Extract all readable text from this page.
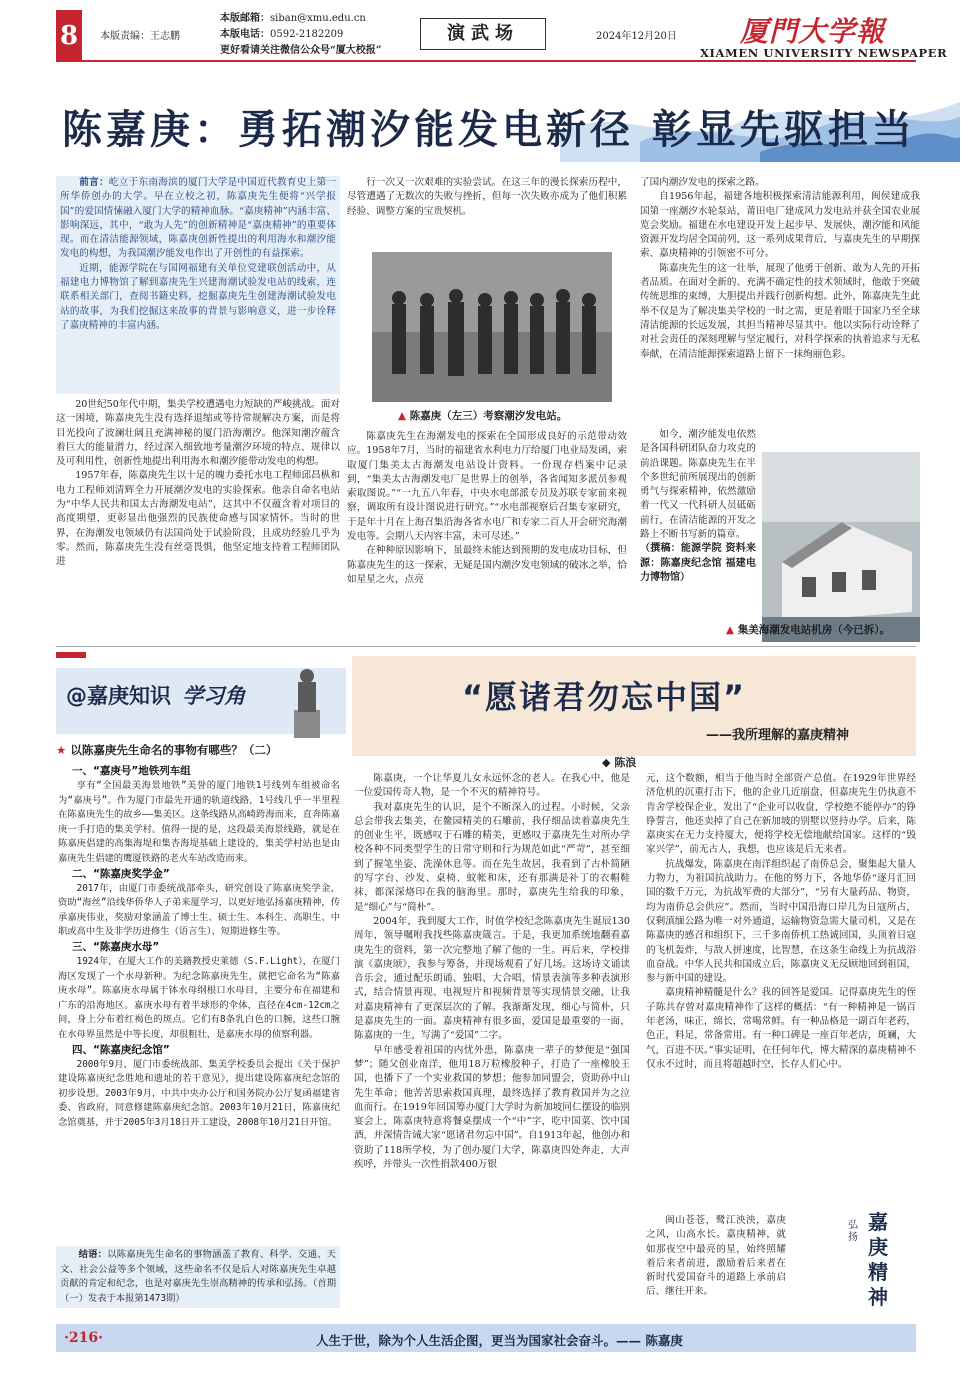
8	本版责编：王志鹏
本版邮箱：siban@xmu.edu.cn
本版电话：0592-2182209
更好看请关注微信公众号“厦大校报”
演武场	2024年12月20日 厦門大学報
XIAMEN UNIVERSITY NEWSPAPER
陈嘉庚：勇拓潮汐能发电新径 彰显先驱担当

前言：屹立于东南海滨的厦门大学是中国近代教育史上第一所华侨创办的大学。早在立校之初，陈嘉庚先生便将“兴学报国”的爱国情愫融入厦门大学的精神血脉。“嘉庚精神”内涵丰富、影响深远，其中，“敢为人先”的创新精神是“嘉庚精神”的重要体现。而在清洁能源领域，陈嘉庚创新性提出的利用海水和潮汐能发电的构想，为我国潮汐能发电作出了开创性的有益探索。

近期，能源学院在与国网福建有关单位党建联创活动中，从福建电力博物馆了解到嘉庚先生兴建海潮试验发电站的线索，连联系相关部门，查阅书籍史料，挖掘嘉庚先生创建海潮试验发电站的故事，为我们挖掘这来故事的背景与影响意义，进一步诠释了嘉庚精神的丰富内涵。

20世纪50年代中期，集美学校遭遇电力短缺的严峻挑战。面对这一困境，陈嘉庚先生没有选择退缩或等待常规解决方案，而是将目光投向了波澜壮阔且充满神秘的厦门沿海潮汐。他深知潮汐蕴含着巨大的能量潜力，经过深入细致地考量潮汐环境的特点、规律以及可利用性，创新性地提出利用海水和潮汐能带动发电的构想。

1957年春，陈嘉庚先生以十足的魄力委托水电工程师邱昌枞和电力工程师刘清辉全力开展潮汐发电的实验探索。他亲自命名电站为“中华人民共和国太古海潮发电站”，这其中不仅蕴含着对项目的高度期望，更彰显出他强烈的民族使命感与国家情怀。当时的世界，在海潮发电领域仍有法国尚处于试验阶段，且成功经验几乎为零。然而，陈嘉庚先生没有丝毫畏惧，他坚定地支持着工程师团队进

行一次又一次艰难的实验尝试。在这三年的漫长探索历程中，尽管遭遇了无数次的失败与挫折，但每一次失败亦成为了他们积累经验、调整方案的宝贵契机。

▲ 陈嘉庚（左三）考察潮汐发电站。

陈嘉庚先生在海潮发电的探索在全国形成良好的示范带动效应。1958年7月，当时的福建省水利电力厅给厦门电业局发函，索取厦门集美太古海潮发电站设计资料。一份现存档案中记录到，“集美太古海潮发电厂是世界上的创举，各省闻知多派员参观索取图说。”“一九五八年春，中央水电部派专员及苏联专家前来视察，调取所有设计图说进行研究。”“水电部视察后召集专家研究，于是年十月在上海召集沿海各省水电厂和专家二百人开会研究海潮发电等。会期八天内容丰富，未可尽述。”

在种种原因影响下，虽最终未能达到预期的发电成功目标，但陈嘉庚先生的这一探索，无疑是国内潮汐发电领域的破冰之举，恰如星星之火，点亮

了国内潮汐发电的探索之路。

自1956年起，福建各地积极探索清洁能源利用，闽侯建成我国第一座潮汐水轮泵站，莆田电厂建成风力发电站并获全国农业展览会奖励。福建在水电建设开发上起步早、发展快，潮汐能和风能资源开发均居全国前列，这一系列成果背后，与嘉庚先生的早期探索、嘉庚精神的引领密不可分。

陈嘉庚先生的这一壮举，展现了他勇于创新、敢为人先的开拓者品质。在面对全新的、充满不确定性的技术领域时，他敢于突破传统思维的束缚，大胆提出并践行创新构想。此外，陈嘉庚先生此举不仅是为了解决集美学校的一时之需，更是着眼于国家乃至全球清洁能源的长远发展，其担当精神尽显其中。他以实际行动诠释了对社会责任的深刻理解与坚定履行，对科学探索的执着追求与无私奉献，在清洁能源探索道路上留下一抹绚丽色彩。

如今，潮汐能发电依然是各国科研团队奋力攻克的前沿课题。陈嘉庚先生在半个多世纪前所展现出的创新勇气与探索精神，依然激励着一代又一代科研人员砥砺前行，在清洁能源的开发之路上不断书写新的篇章。

（撰稿：能源学院 资料来源：陈嘉庚纪念馆 福建电力博物馆）

▲ 集美海潮发电站机房（今已拆）。
@嘉庚知识 学习角
★ 以陈嘉庚先生命名的事物有哪些？（二）
一、“嘉庚号”地铁列车组

享有“全国最美海景地铁”美誉的厦门地铁1号线列车组被命名为“嘉庚号”。作为厦门市最先开通的轨道线路，1号线几乎一半里程在陈嘉庚先生的故乡——集美区。这条线路从高崎跨海而来，直奔陈嘉庚一手打造的集美学村。值得一提的是，这段最美海景线路，就是在陈嘉庚倡建的高集海堤和集杏海堤基础上建设的，集美学村站也是由嘉庚先生倡建的鹰厦铁路的老火车站改造而来。

二、“陈嘉庚奖学金”

2017年，由厦门市委统战部牵头，研究创设了陈嘉庚奖学金，资助“海丝”沿线华侨华人子弟来厦学习，以更好地弘扬嘉庚精神，传承嘉庚伟业，奖励对象涵盖了博士生、硕士生、本科生、高职生、中职或高中生及非学历进修生（语言生）、短期进修生等。

三、“陈嘉庚水母”

1924年，在厦大工作的美籍教授史莱德（S.F.Light），在厦门海区发现了一个水母新种。为纪念陈嘉庚先生，就把它命名为“陈嘉庚水母”。陈嘉庚水母属于钵水母纲根口水母目，主要分布在福建和广东的沿海地区。嘉庚水母有着半球形的伞体，直径在4cm-12cm之间，身上分布着红褐色的斑点。它们有8条乳白色的口腕，这些口腕在水母界虽然是中等长度，却很粗壮，是嘉庚水母的侦察利器。

四、“陈嘉庚纪念馆”

2000年9月，厦门市委统战部、集美学校委员会提出《关于保护建设陈嘉庚纪念胜地和遗址的若干意见》，提出建设陈嘉庚纪念馆的初步设想。2003年9月，中共中央办公厅和国务院办公厅复函福建省委、省政府，同意修建陈嘉庚纪念馆。2003年10月21日，陈嘉庚纪念馆奠基，并于2005年3月18日开工建设，2008年10月21日开馆。

结语：以陈嘉庚先生命名的事物涵盖了教育、科学、交通、天文、社会公益等多个领域，这些命名不仅是后人对陈嘉庚先生卓越贡献的肯定和纪念，也是对嘉庚先生崇高精神的传承和弘扬。（首期（一）发表于本报第1473期）

“愿诸君勿忘中国”
——我所理解的嘉庚精神
◆ 陈浪

陈嘉庚，一个让华夏儿女永远怀念的老人。在我心中，他是一位爱国传奇人物，是一个不灭的精神符号。

我对嘉庚先生的认识，是个不断深入的过程。小时候，父亲总会带我去集美，在鳌园精美的石雕前，我仔细品读着嘉庚先生的创业生平，既感叹于石雕的精美，更感叹于嘉庚先生对所办学校各种不同类型学生的日常守则和行为规范如此“严苛”，甚至细到了握笔坐姿、洗澡休息等。而在先生故居，我看到了古朴简陋的写字台、沙发、桌椅、蚊帐和床，还有那满是补丁的衣帽鞋袜，都深深烙印在我的脑海里。那时，嘉庚先生给我的印象，是“细心”与“简朴”。

2004年，我到厦大工作，时值学校纪念陈嘉庚先生诞辰130周年，领导嘱咐我找些陈嘉庚箴言。于是，我更加系统地翻看嘉庚先生的资料，第一次完整地了解了他的一生。再后来，学校排演《嘉庚颂》，我参与筹备，并现场观看了好几场。这场诗文诵读音乐会，通过配乐朗诵、独唱、大合唱、情景表演等多种表演形式，结合情景再现、电视短片和视频背景等实现情景交融，让我对嘉庚精神有了更深层次的了解。我渐渐发现，细心与简朴，只是嘉庚先生的一面。嘉庚精神有很多面，爱国是最重要的一面，陈嘉庚的一生，写满了“爱国”二字。

早年感受着祖国的内忧外患，陈嘉庚一辈子的梦便是“强国梦”；随父创业南洋，他用18万粒橡胶种子，打造了一座橡胶王国，也播下了一个实业救国的梦想；他参加同盟会，资助孙中山先生革命；他苦苦思索救国真理，最终选择了教育救国并为之泣血而行。在1919年回国筹办厦门大学时为新加坡同仁摆设的临别宴会上，陈嘉庚特意将餐桌摆成一个“中”字，吃中国菜、饮中国酒，并深情告诫大家“愿诸君勿忘中国”。自1913年起，他创办和资助了118所学校，为了创办厦门大学，陈嘉庚四处奔走，大声疾呼，并带头一次性捐款400万银

元，这个数额，相当于他当时全部资产总值。在1929年世界经济危机的沉重打击下，他的企业几近崩盘，但嘉庚先生仍执意不肯舍学校保企业，发出了“企业可以收盘，学校绝不能停办”的铮铮誓言，他还卖掉了自己在新加坡的别墅以竖持办学。后来，陈嘉庚实在无力支持厦大，便将学校无偿地献给国家。这样的“毁家兴学”，前无古人，我想，也应该是后无来者。

抗战爆发，陈嘉庚在南洋组织起了南侨总会，聚集起大量人力物力，为祖国抗战助力。在他的努力下，各地华侨“逐月汇回国的数千万元，为抗战军费的大部分”，“另有大量药品、物资，均为南侨总会供应”。然而，当时中国沿海口岸几为日寇所占，仅剩滇缅公路为唯一对外通道，运输物资急需大量司机，又是在陈嘉庚的感召和组织下，三千多南侨机工热诚回国，头顶着日寇的飞机轰炸，与敌人拼速度，比智慧，在这条生命线上为抗战浴血奋战。中华人民共和国成立后，陈嘉庚义无反顾地回到祖国，参与新中国的建设。

嘉庚精神精髓是什么？我的回答是爱国。记得嘉庚先生的侄子陈共存曾对嘉庚精神作了这样的概括：“有一种精神是一锅百年老汤，味正，绵长，常喝常鲜。有一种品格是一副百年老药，色正，料足，常备常用。有一种口碑是一座百年老店，斑斓，大气，百进不厌。”事实证明，在任何年代，博大精深的嘉庚精神不仅永不过时，而且将超越时空，长存人们心中。

闽山苍苍，鹭江泱泱，嘉庚之风，山高水长。嘉庚精神，就如那夜空中最亮的星，始终照耀着后来者前进，激励着后来者在新时代爱国奋斗的道路上承前启后、继往开来。

弘扬
嘉庚精神
·216·	人生于世，除为个人生活企图，更当为国家社会奋斗。—— 陈嘉庚
